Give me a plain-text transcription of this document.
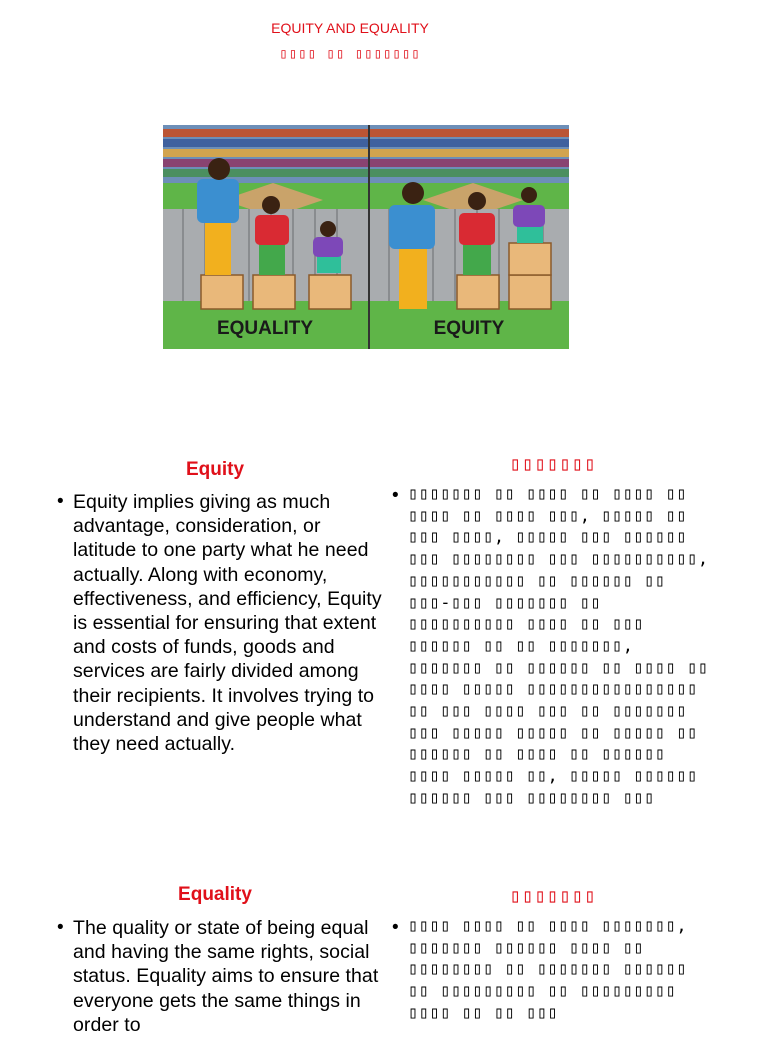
EQUITY AND EQUALITY
▯▯▯▯ ▯▯ ▯▯▯▯▯▯▯
EQUALITY	EQUITY
Equity	▯▯▯▯▯▯▯
• Equity implies giving as much advantage, consideration, or latitude to one party what he need actually. Along with economy, effectiveness, and efficiency, Equity is essential for ensuring that extent and costs of funds, goods and services are fairly divided among their recipients. It involves trying to understand and give people what they need actually.
• ▯▯▯▯▯▯▯ ▯▯ ▯▯▯▯ ▯▯ ▯▯▯▯ ▯▯ ▯▯▯▯ ▯▯ ▯▯▯▯ ▯▯▯, ▯▯▯▯▯ ▯▯ ▯▯▯ ▯▯▯▯, ▯▯▯▯▯ ▯▯▯ ▯▯▯▯▯▯ ▯▯▯ ▯▯▯▯▯▯▯▯ ▯▯▯ ▯▯▯▯▯▯▯▯▯▯, ▯▯▯▯▯▯▯▯▯▯▯ ▯▯ ▯▯▯▯▯▯ ▯▯ ▯▯▯-▯▯▯ ▯▯▯▯▯▯▯ ▯▯ ▯▯▯▯▯▯▯▯▯▯ ▯▯▯▯ ▯▯ ▯▯▯ ▯▯▯▯▯▯ ▯▯ ▯▯ ▯▯▯▯▯▯▯, ▯▯▯▯▯▯▯ ▯▯ ▯▯▯▯▯▯ ▯▯ ▯▯▯▯ ▯▯ ▯▯▯▯ ▯▯▯▯▯ ▯▯▯▯▯▯▯▯▯▯▯▯▯▯▯▯ ▯▯ ▯▯▯ ▯▯▯▯ ▯▯▯ ▯▯ ▯▯▯▯▯▯▯ ▯▯▯ ▯▯▯▯▯ ▯▯▯▯▯ ▯▯ ▯▯▯▯▯ ▯▯ ▯▯▯▯▯▯ ▯▯ ▯▯▯▯ ▯▯ ▯▯▯▯▯▯ ▯▯▯▯ ▯▯▯▯▯ ▯▯, ▯▯▯▯▯ ▯▯▯▯▯▯ ▯▯▯▯▯▯ ▯▯▯ ▯▯▯▯▯▯▯▯ ▯▯▯
Equality	▯▯▯▯▯▯▯
• The quality or state of being equal and having the same rights, social status. Equality aims to ensure that everyone gets the same things in order to
• ▯▯▯▯ ▯▯▯▯ ▯▯ ▯▯▯▯ ▯▯▯▯▯▯▯, ▯▯▯▯▯▯▯ ▯▯▯▯▯▯ ▯▯▯▯ ▯▯ ▯▯▯▯▯▯▯▯ ▯▯ ▯▯▯▯▯▯▯ ▯▯▯▯▯▯ ▯▯ ▯▯▯▯▯▯▯▯▯ ▯▯ ▯▯▯▯▯▯▯▯▯ ▯▯▯▯ ▯▯ ▯▯ ▯▯▯
